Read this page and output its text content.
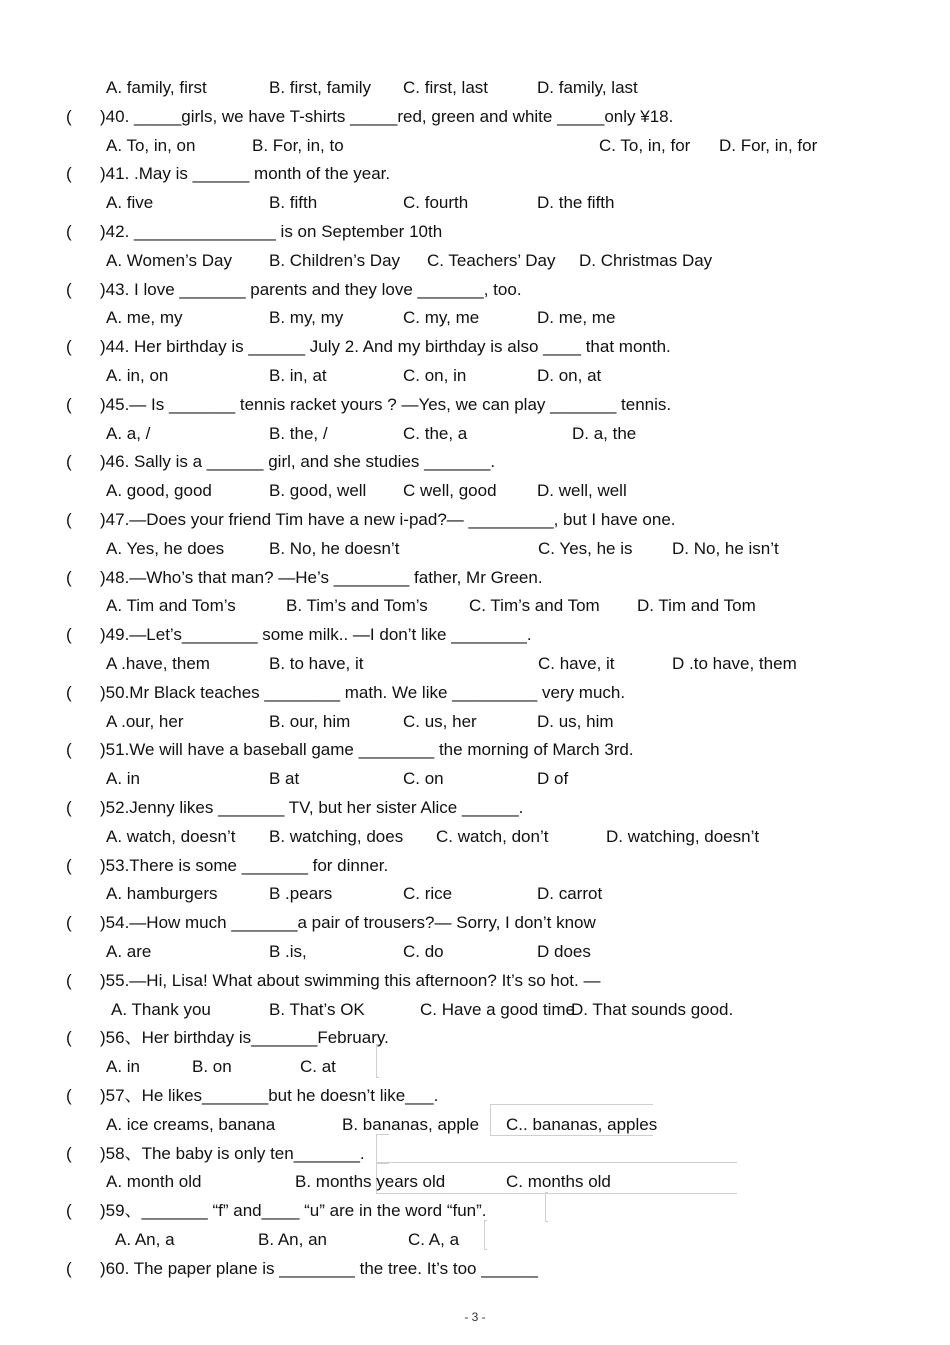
A. family, first	B. first, family C. first, last	D. family, last
( )40. _____girls, we have T-shirts _____red, green and white _____only ¥18.
A. To, in, on	B. For, in, to	C. To, in, for D. For, in, for
( )41. .May is ______ month of the year.
A. five	B. fifth	C. fourth	D. the fifth
( )42. _______________ is on September 10th
A. Women’s Day B. Children’s Day C. Teachers’ Day D. Christmas Day
( )43. I love _______ parents and they love _______, too.
A. me, my	B. my, my	C. my, me	D. me, me
( )44. Her birthday is ______ July 2. And my birthday is also ____ that month.
A. in, on	B. in, at	C. on, in	D. on, at
( )45.— Is _______ tennis racket yours ? —Yes, we can play _______ tennis.
A. a, /	B. the, /	C. the, a	D. a, the
( )46. Sally is a ______ girl, and she studies _______.
A. good, good	B. good, well C well, good D. well, well
( )47.—Does your friend Tim have a new i-pad?— _________, but I have one.
A. Yes, he does	B. No, he doesn’t	C. Yes, he is D. No, he isn’t
( )48.—Who’s that man? —He’s ________ father, Mr Green.
A. Tim and Tom’s	B. Tim’s and Tom’s C. Tim’s and Tom D. Tim and Tom
( )49.—Let’s________ some milk.. —I don’t like ________.
A .have, them	B. to have, it	C. have, it	D .to have, them
( )50.Mr Black teaches ________ math. We like _________ very much.
A .our, her	B. our, him	C. us, her	D. us, him
( )51.We will have a baseball game ________ the morning of March 3rd.
A. in	B at	C. on	D of
( )52.Jenny likes _______ TV, but her sister Alice ______.
A. watch, doesn’t B. watching, does C. watch, don’t	D. watching, doesn’t
( )53.There is some _______ for dinner.
A. hamburgers	B .pears	C. rice	D. carrot
( )54.—How much _______a pair of trousers?— Sorry, I don’t know
A. are	B .is,	C. do	D does
( )55.—Hi, Lisa! What about swimming this afternoon? It’s so hot. —
A. Thank you	B. That’s OK	C. Have a good time
D. That sounds good.
( )56、Her birthday is_______February.
A. in	B. on	C. at
( )57、He likes_______but he doesn’t like___.
A. ice creams, banana	B. bananas, apple C.. bananas, apples
( )58、The baby is only ten_______.
A. month old	B. months years old	C. months old
( )59、_______ “f” and____ “u” are in the word “fun”.
A. An, a	B. An, an	C. A, a
( )60. The paper plane is ________ the tree. It’s too ______
- 3 -
